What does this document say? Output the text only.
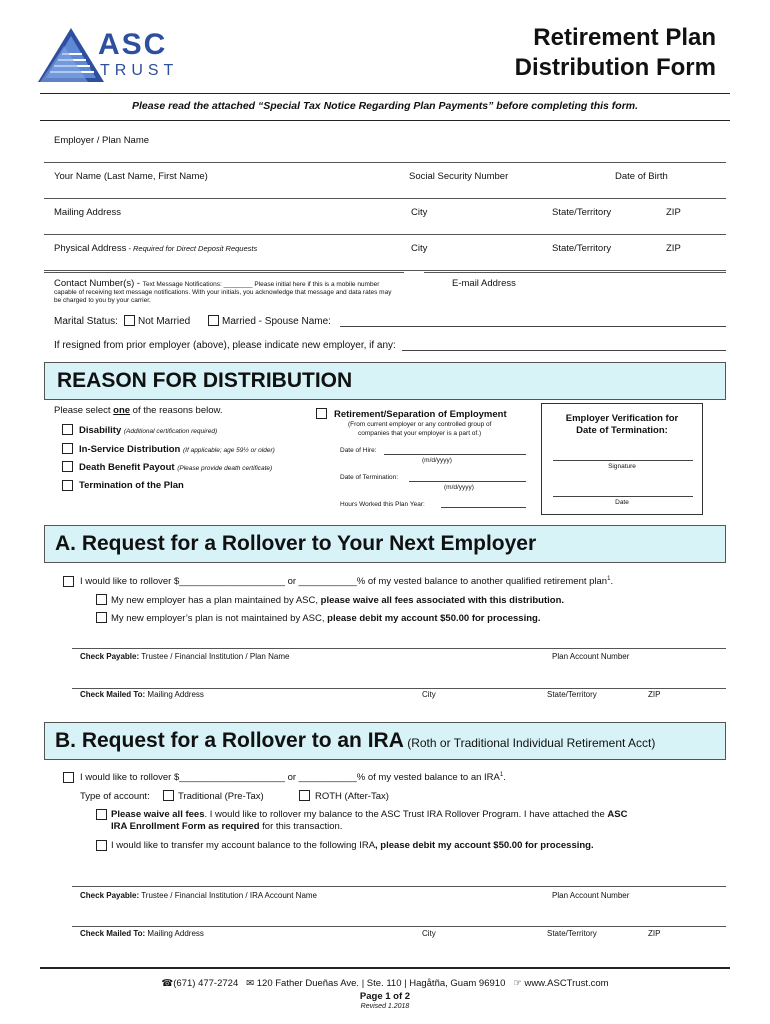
ASC
TRUST
Retirement Plan
Distribution Form
Please read the attached “Special Tax Notice Regarding Plan Payments” before completing this form.
Employer / Plan Name
Your Name (Last Name, First Name)	Social Security Number	Date of Birth
Mailing Address	City	State/Territory	ZIP
Physical Address - Required for Direct Deposit Requests	City	State/Territory	ZIP
Contact Number(s) - Text Message Notifications: ________ Please initial here if this is a mobile number
capable of receiving text message notifications. With your initials, you acknowledge that message and data rates may be charged to you by your carrier.
E-mail Address
Marital Status: Not Married	Married - Spouse Name:
If resigned from prior employer (above), please indicate new employer, if any:
REASON FOR DISTRIBUTION
Please select one of the reasons below.
Disability (Additional certification required)
In-Service Distribution (If applicable; age 59½ or older)
Death Benefit Payout (Please provide death certificate)
Termination of the Plan
Retirement/Separation of Employment
(From current employer or any controlled group of
companies that your employer is a part of.)
Date of Hire:
(m/d/yyyy)
Date of Termination:
(m/d/yyyy)
Hours Worked this Plan Year:
Employer Verification for
Date of Termination:
Signature
Date
A. Request for a Rollover to Your Next Employer
I would like to rollover $____________________ or ___________% of my vested balance to another qualified retirement plan$^1$.
My new employer has a plan maintained by ASC, please waive all fees associated with this distribution.
My new employer’s plan is not maintained by ASC, please debit my account $50.00 for processing.
Check Payable: Trustee / Financial Institution / Plan Name	Plan Account Number
Check Mailed To: Mailing Address	City	State/Territory	ZIP
B. Request for a Rollover to an IRA (Roth or Traditional Individual Retirement Acct)
I would like to rollover $____________________ or ___________% of my vested balance to an IRA$^1$.
Type of account:	Traditional (Pre-Tax)	ROTH (After-Tax)
Please waive all fees. I would like to rollover my balance to the ASC Trust IRA Rollover Program. I have attached the ASC
IRA Enrollment Form as required for this transaction.
I would like to transfer my account balance to the following IRA, please debit my account $50.00 for processing.
Check Payable: Trustee / Financial Institution / IRA Account Name	Plan Account Number
Check Mailed To: Mailing Address	City	State/Territory	ZIP
☎(671) 477-2724 ✉ 120 Father Dueñas Ave. | Ste. 110 | Hagåtña, Guam 96910 ☞ www.ASCTrust.com
Page 1 of 2
Revised 1.2018
